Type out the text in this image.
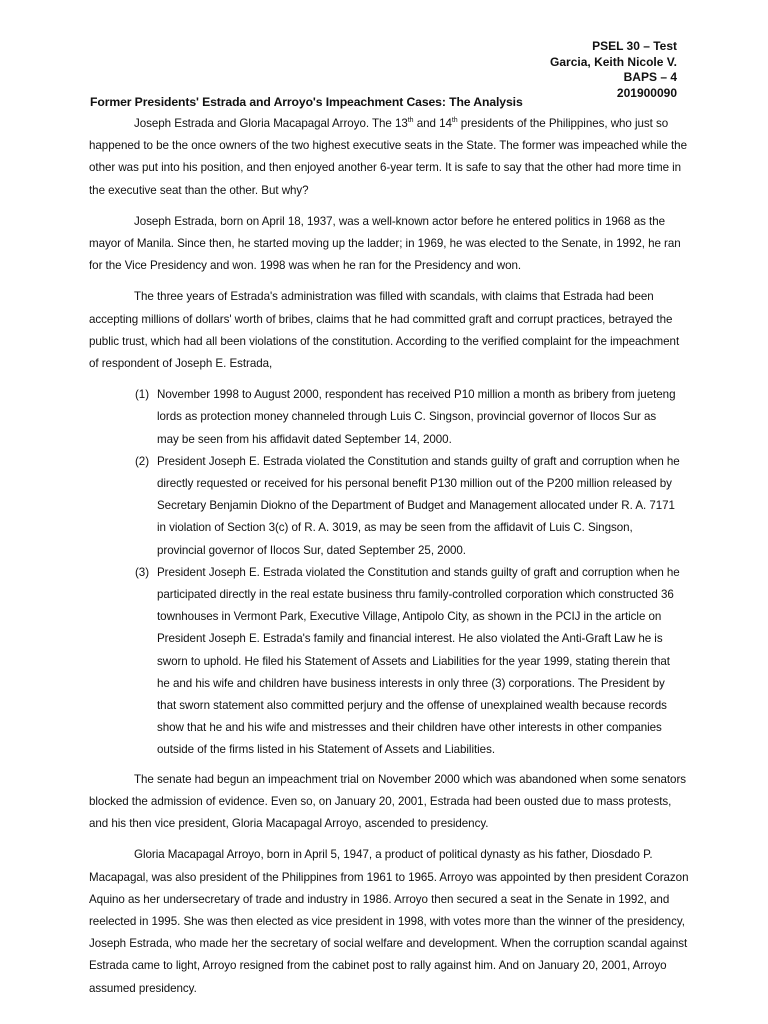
PSEL 30 – Test
Garcia, Keith Nicole V.
BAPS – 4
201900090
Former Presidents' Estrada and Arroyo's Impeachment Cases: The Analysis

Joseph Estrada and Gloria Macapagal Arroyo. The 13th and 14th presidents of the Philippines, who just so happened to be the once owners of the two highest executive seats in the State. The former was impeached while the other was put into his position, and then enjoyed another 6-year term. It is safe to say that the other had more time in the executive seat than the other. But why?

Joseph Estrada, born on April 18, 1937, was a well-known actor before he entered politics in 1968 as the mayor of Manila. Since then, he started moving up the ladder; in 1969, he was elected to the Senate, in 1992, he ran for the Vice Presidency and won. 1998 was when he ran for the Presidency and won.

The three years of Estrada's administration was filled with scandals, with claims that Estrada had been accepting millions of dollars' worth of bribes, claims that he had committed graft and corrupt practices, betrayed the public trust, which had all been violations of the constitution. According to the verified complaint for the impeachment of respondent of Joseph E. Estrada,

(1) November 1998 to August 2000, respondent has received P10 million a month as bribery from jueteng lords as protection money channeled through Luis C. Singson, provincial governor of Ilocos Sur as may be seen from his affidavit dated September 14, 2000.
(2) President Joseph E. Estrada violated the Constitution and stands guilty of graft and corruption when he directly requested or received for his personal benefit P130 million out of the P200 million released by Secretary Benjamin Diokno of the Department of Budget and Management allocated under R. A. 7171 in violation of Section 3(c) of R. A. 3019, as may be seen from the affidavit of Luis C. Singson, provincial governor of Ilocos Sur, dated September 25, 2000.
(3) President Joseph E. Estrada violated the Constitution and stands guilty of graft and corruption when he participated directly in the real estate business thru family-controlled corporation which constructed 36 townhouses in Vermont Park, Executive Village, Antipolo City, as shown in the PCIJ in the article on President Joseph E. Estrada's family and financial interest. He also violated the Anti-Graft Law he is sworn to uphold. He filed his Statement of Assets and Liabilities for the year 1999, stating therein that he and his wife and children have business interests in only three (3) corporations. The President by that sworn statement also committed perjury and the offense of unexplained wealth because records show that he and his wife and mistresses and their children have other interests in other companies outside of the firms listed in his Statement of Assets and Liabilities.

The senate had begun an impeachment trial on November 2000 which was abandoned when some senators blocked the admission of evidence. Even so, on January 20, 2001, Estrada had been ousted due to mass protests, and his then vice president, Gloria Macapagal Arroyo, ascended to presidency.

Gloria Macapagal Arroyo, born in April 5, 1947, a product of political dynasty as his father, Diosdado P. Macapagal, was also president of the Philippines from 1961 to 1965. Arroyo was appointed by then president Corazon Aquino as her undersecretary of trade and industry in 1986. Arroyo then secured a seat in the Senate in 1992, and reelected in 1995. She was then elected as vice president in 1998, with votes more than the winner of the presidency, Joseph Estrada, who made her the secretary of social welfare and development. When the corruption scandal against Estrada came to light, Arroyo resigned from the cabinet post to rally against him. And on January 20, 2001, Arroyo assumed presidency.
